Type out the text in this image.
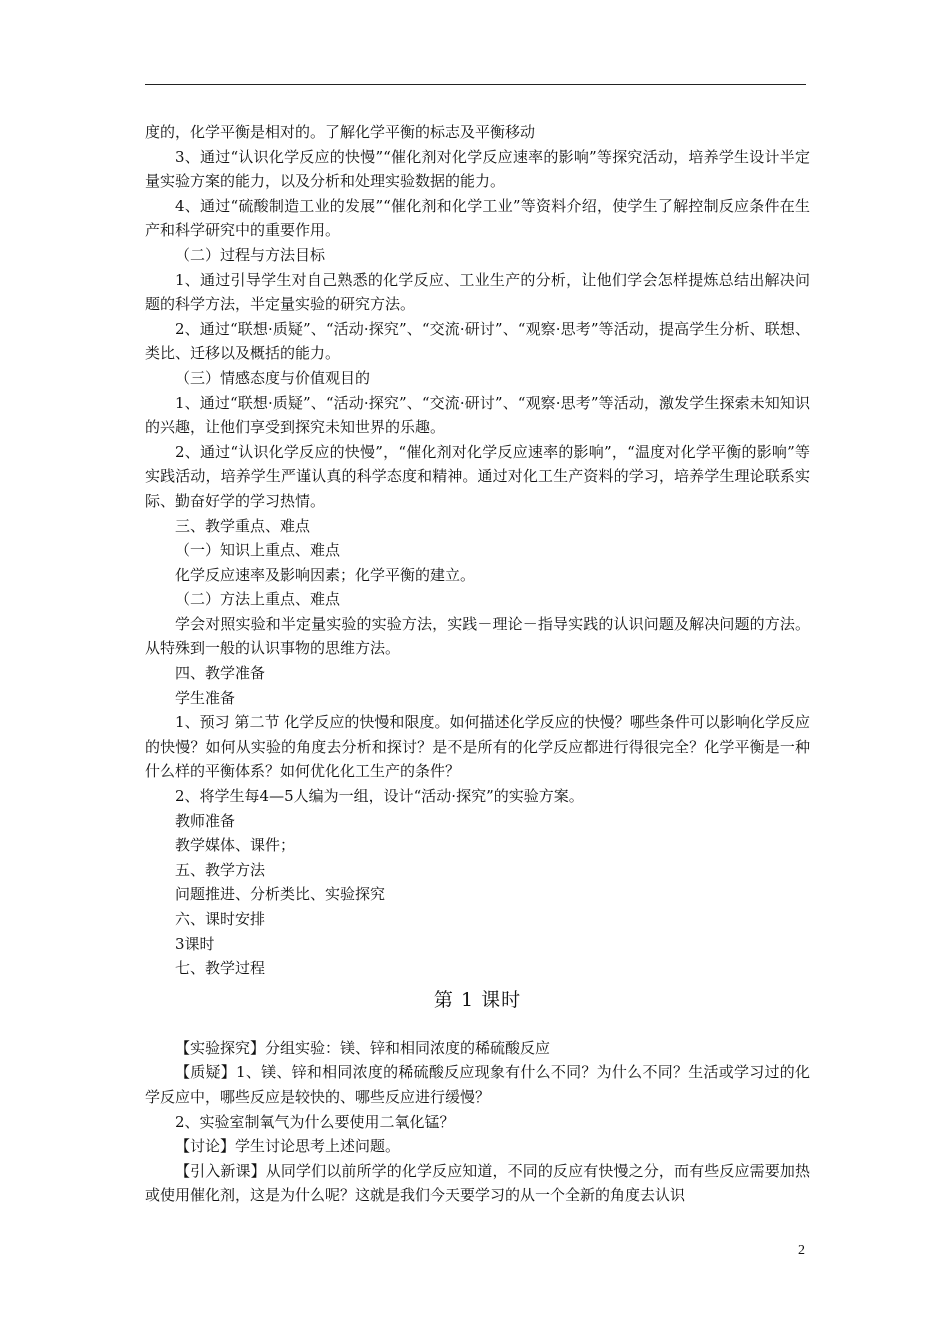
度的，化学平衡是相对的。了解化学平衡的标志及平衡移动

3、通过“认识化学反应的快慢”“催化剂对化学反应速率的影响”等探究活动，培养学生设计半定量实验方案的能力，以及分析和处理实验数据的能力。

4、通过“硫酸制造工业的发展”“催化剂和化学工业”等资料介绍，使学生了解控制反应条件在生产和科学研究中的重要作用。

（二）过程与方法目标

1、通过引导学生对自己熟悉的化学反应、工业生产的分析，让他们学会怎样提炼总结出解决问题的科学方法，半定量实验的研究方法。

2、通过“联想·质疑”、“活动·探究”、“交流·研讨”、“观察·思考”等活动，提高学生分析、联想、类比、迁移以及概括的能力。

（三）情感态度与价值观目的

1、通过“联想·质疑”、“活动·探究”、“交流·研讨”、“观察·思考”等活动，激发学生探索未知知识的兴趣，让他们享受到探究未知世界的乐趣。

2、通过“认识化学反应的快慢”，“催化剂对化学反应速率的影响”，“温度对化学平衡的影响”等实践活动，培养学生严谨认真的科学态度和精神。通过对化工生产资料的学习，培养学生理论联系实际、勤奋好学的学习热情。

三、教学重点、难点

（一）知识上重点、难点

化学反应速率及影响因素；化学平衡的建立。

（二）方法上重点、难点

学会对照实验和半定量实验的实验方法，实践－理论－指导实践的认识问题及解决问题的方法。从特殊到一般的认识事物的思维方法。

四、教学准备

学生准备

1、预习 第二节 化学反应的快慢和限度。如何描述化学反应的快慢？哪些条件可以影响化学反应的快慢？如何从实验的角度去分析和探讨？是不是所有的化学反应都进行得很完全？化学平衡是一种什么样的平衡体系？如何优化化工生产的条件？

2、将学生每4—5人编为一组，设计“活动·探究”的实验方案。

教师准备

教学媒体、课件；

五、教学方法

问题推进、分析类比、实验探究

六、课时安排

3课时

七、教学过程

第 1 课时

【实验探究】分组实验：镁、锌和相同浓度的稀硫酸反应

【质疑】1、镁、锌和相同浓度的稀硫酸反应现象有什么不同？为什么不同？生活或学习过的化学反应中，哪些反应是较快的、哪些反应进行缓慢？

2、实验室制氧气为什么要使用二氧化锰？

【讨论】学生讨论思考上述问题。

【引入新课】从同学们以前所学的化学反应知道，不同的反应有快慢之分，而有些反应需要加热或使用催化剂，这是为什么呢？这就是我们今天要学习的从一个全新的角度去认识

2
